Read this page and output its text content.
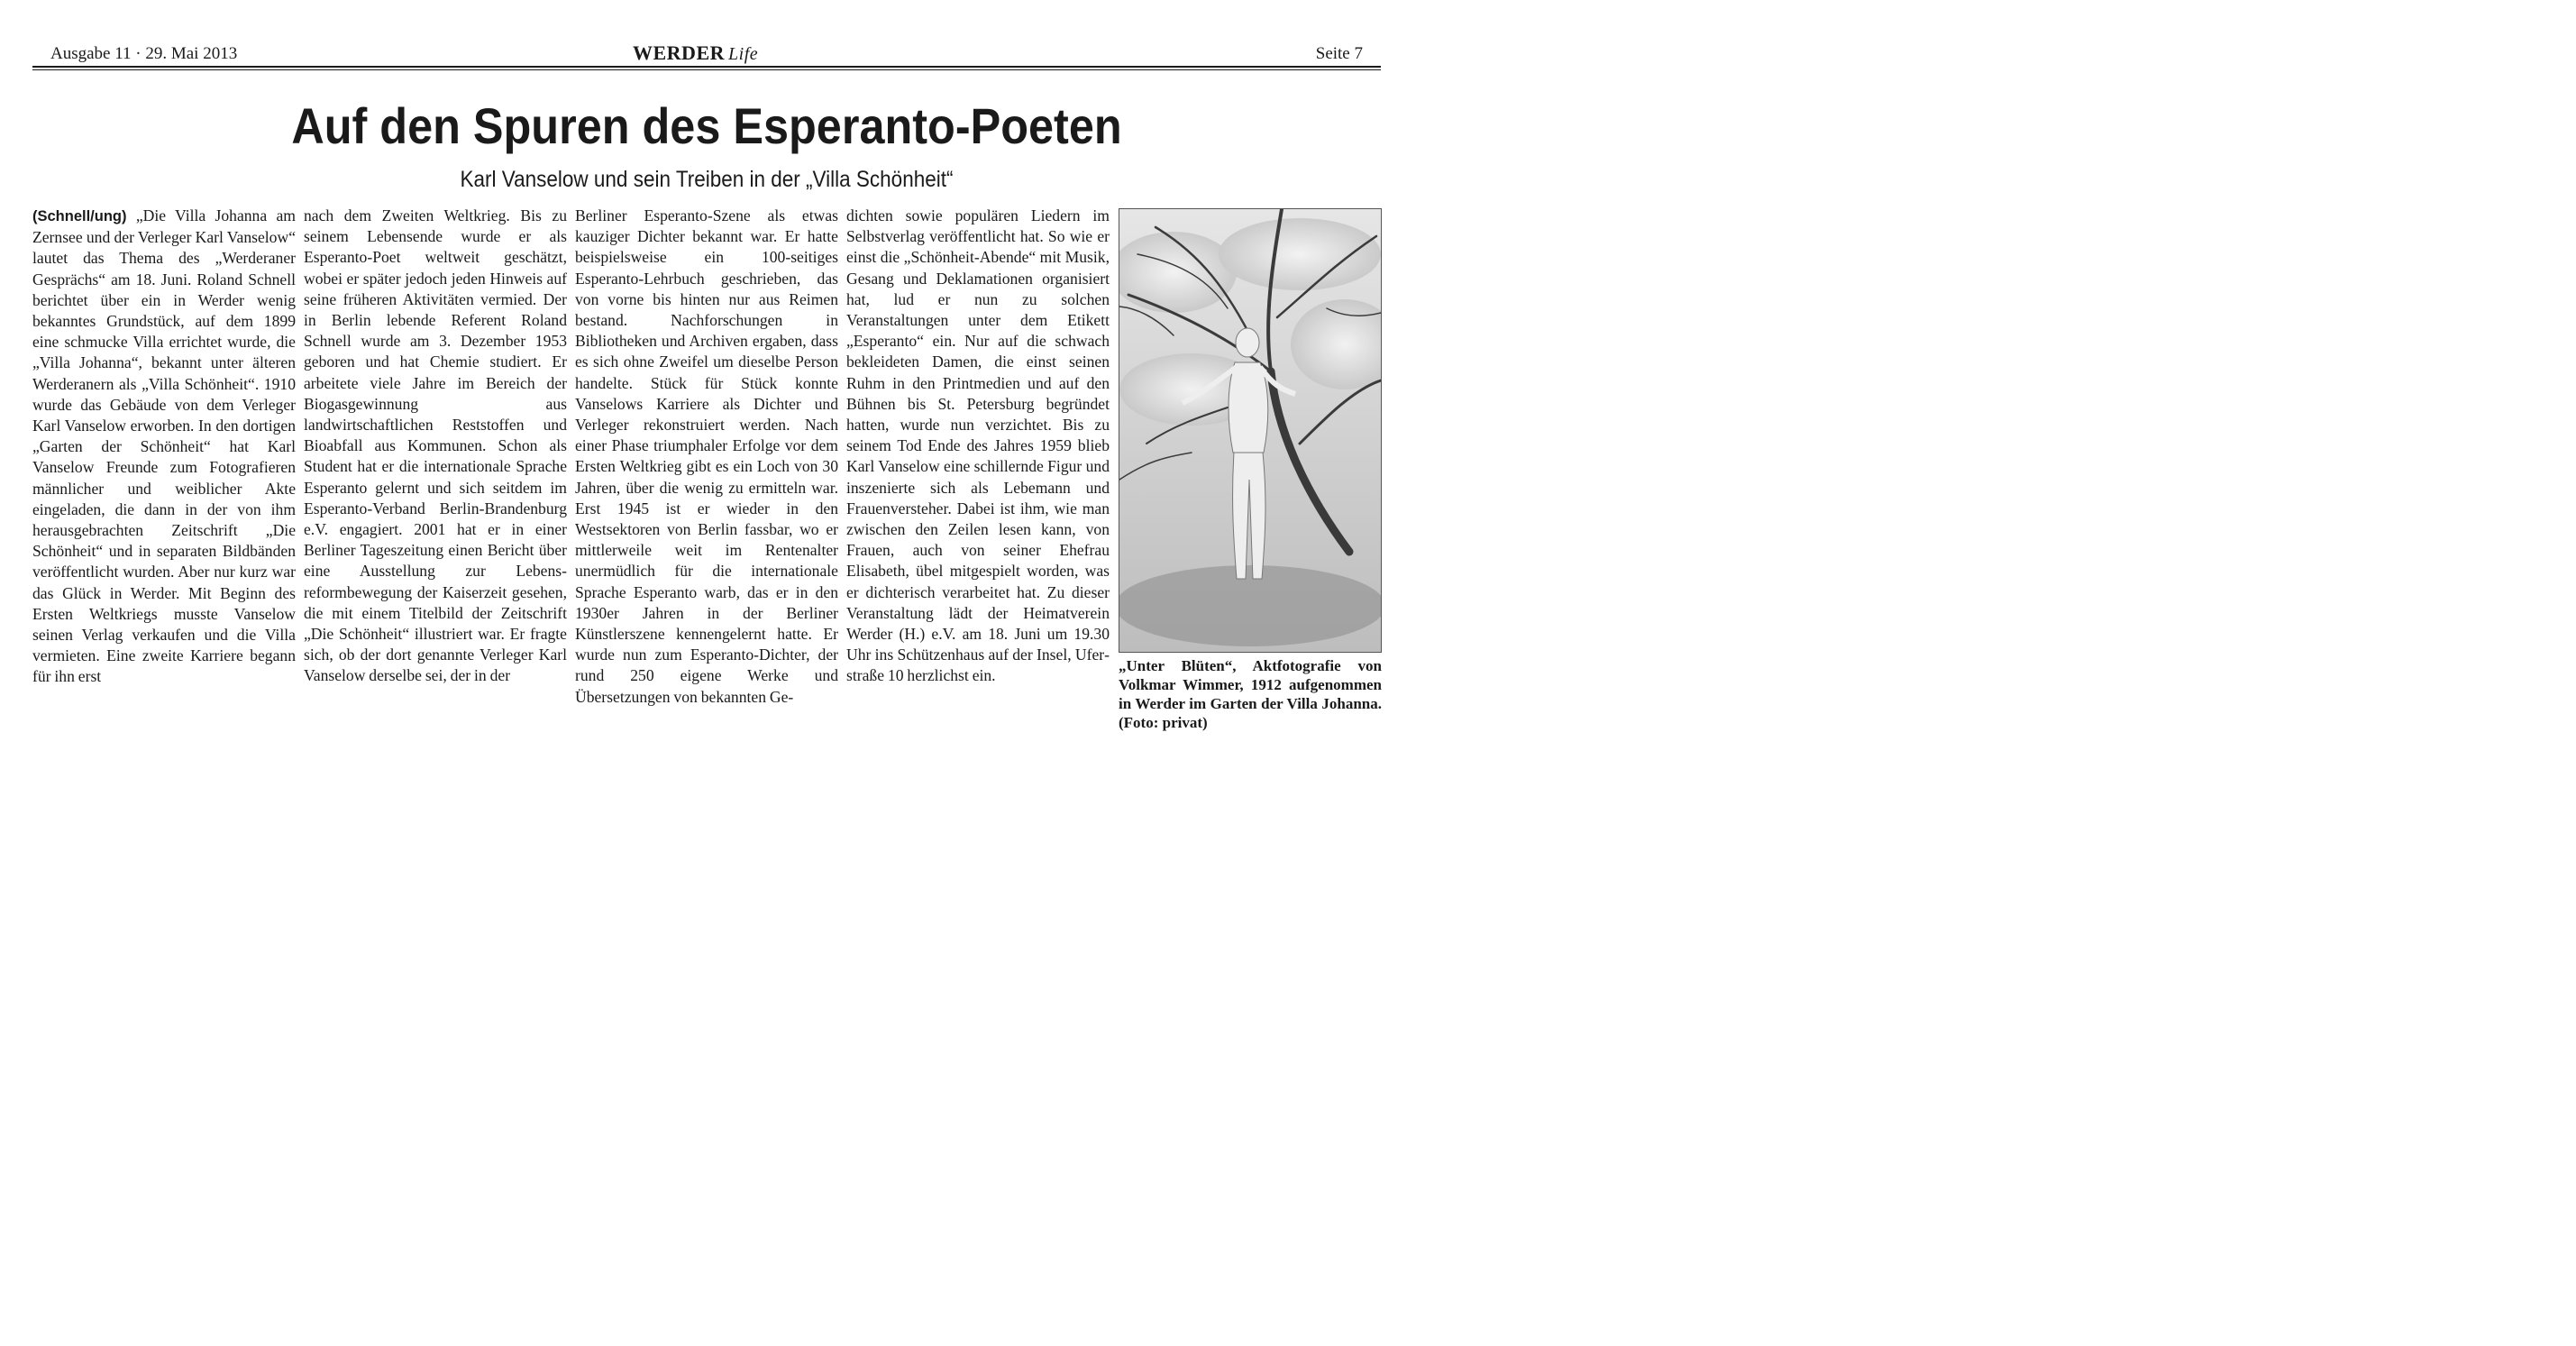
Ausgabe 11 · 29. Mai 2013	WERDER Life	Seite 7
Auf den Spuren des Esperanto-Poeten
Karl Vanselow und sein Treiben in der „Villa Schönheit“
(Schnell/ung) „Die Villa Johanna am Zernsee und der Verleger Karl Vanselow“ lautet das Thema des „Werderaner Gesprächs“ am 18. Juni. Roland Schnell berichtet über ein in Werder wenig bekanntes Grundstück, auf dem 1899 eine schmucke Villa errichtet wurde, die „Villa Johanna“, bekannt unter älteren Werderanern als „Villa Schönheit“. 1910 wurde das Gebäude von dem Verleger Karl Vanselow erworben. In den dortigen „Garten der Schönheit“ hat Karl Vanselow Freunde zum Fotografieren männlicher und weiblicher Akte eingeladen, die dann in der von ihm herausgebrachten Zeitschrift „Die Schönheit“ und in separaten Bildbänden veröffentlicht wurden. Aber nur kurz war das Glück in Werder. Mit Beginn des Ersten Weltkriegs musste Vanselow seinen Verlag verkaufen und die Villa vermieten. Eine zweite Karriere begann für ihn erst
nach dem Zweiten Weltkrieg. Bis zu seinem Lebensende wurde er als Esperanto-Poet weltweit geschätzt, wobei er später jedoch jeden Hinweis auf seine früheren Aktivitäten vermied. Der in Berlin lebende Referent Roland Schnell wurde am 3. Dezember 1953 geboren und hat Chemie studiert. Er arbeitete viele Jahre im Bereich der Biogasgewinnung aus landwirtschaftlichen Reststoffen und Bioabfall aus Kommunen. Schon als Student hat er die internationale Sprache Esperanto gelernt und sich seitdem im Esperanto-Verband Berlin-Brandenburg e.V. engagiert. 2001 hat er in einer Berliner Tageszeitung einen Bericht über eine Ausstellung zur Lebensreformbewegung der Kaiserzeit gesehen, die mit einem Titelbild der Zeitschrift „Die Schönheit“ illustriert war. Er fragte sich, ob der dort genannte Verleger Karl Vanselow derselbe sei, der in der
Berliner Esperanto-Szene als etwas kauziger Dichter bekannt war. Er hatte beispielsweise ein 100-seitiges Esperanto-Lehrbuch geschrieben, das von vorne bis hinten nur aus Reimen bestand. Nachforschungen in Bibliotheken und Archiven ergaben, dass es sich ohne Zweifel um dieselbe Person handelte. Stück für Stück konnte Vanselows Karriere als Dichter und Verleger rekonstruiert werden. Nach einer Phase triumphaler Erfolge vor dem Ersten Weltkrieg gibt es ein Loch von 30 Jahren, über die wenig zu ermitteln war. Erst 1945 ist er wieder in den Westsektoren von Berlin fassbar, wo er mittlerweile weit im Rentenalter unermüdlich für die internationale Sprache Esperanto warb, das er in den 1930er Jahren in der Berliner Künstlerszene kennengelernt hatte. Er wurde nun zum Esperanto-Dichter, der rund 250 eigene Werke und Übersetzungen von bekannten Ge-
dichten sowie populären Liedern im Selbstverlag veröffentlicht hat. So wie er einst die „Schönheit-Abende“ mit Musik, Gesang und Deklamationen organisiert hat, lud er nun zu solchen Veranstaltungen unter dem Etikett „Esperanto“ ein. Nur auf die schwach bekleideten Damen, die einst seinen Ruhm in den Printmedien und auf den Bühnen bis St. Petersburg begründet hatten, wurde nun verzichtet. Bis zu seinem Tod Ende des Jahres 1959 blieb Karl Vanselow eine schillernde Figur und inszenierte sich als Lebemann und Frauenversteher. Dabei ist ihm, wie man zwischen den Zeilen lesen kann, von Frauen, auch von seiner Ehefrau Elisabeth, übel mitgespielt worden, was er dichterisch verarbeitet hat. Zu dieser Veranstaltung lädt der Heimatverein Werder (H.) e.V. am 18. Juni um 19.30 Uhr ins Schützenhaus auf der Insel, Uferstraße 10 herzlichst ein.
„Unter Blüten“, Aktfotografie von Volkmar Wimmer, 1912 aufgenommen in Werder im Garten der Villa Johanna. (Foto: privat)
